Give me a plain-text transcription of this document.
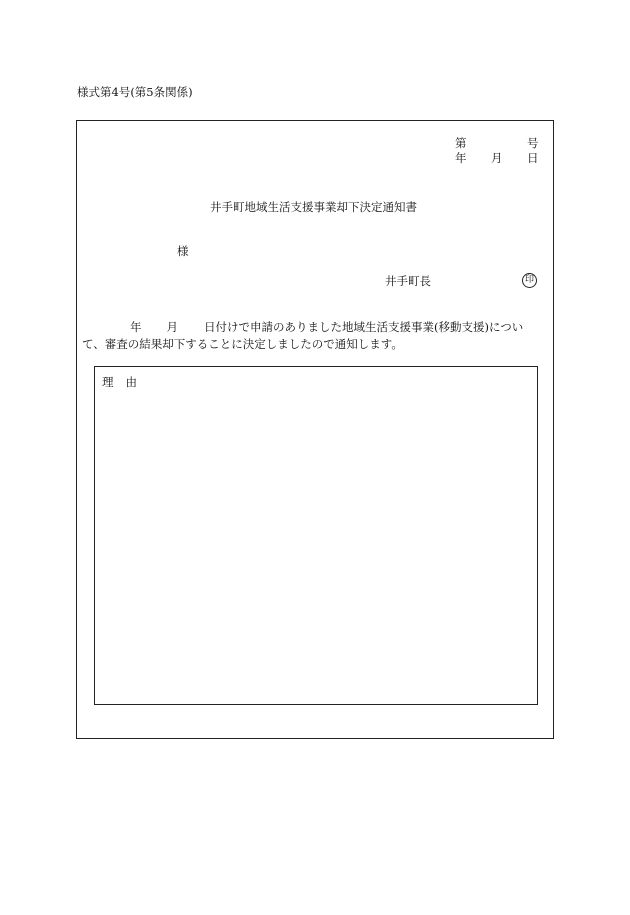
様式第4号(第5条関係)
第	号
年 月 日
井手町地域生活支援事業却下決定通知書
様
井手町長	印
年 月 日付けで申請のありました地域生活支援事業(移動支援)につい
て、審査の結果却下することに決定しましたので通知します。
理由
